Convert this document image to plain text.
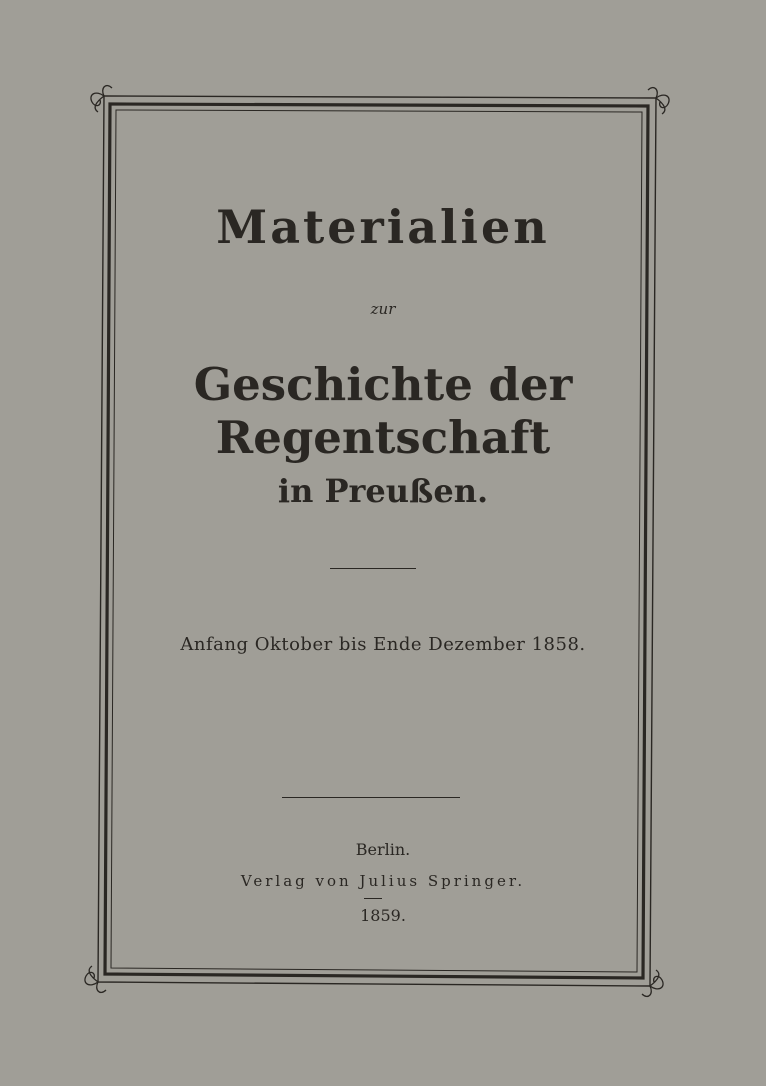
Materialien
zur
Geschichte der Regentschaft
in Preußen.
Anfang Oktober bis Ende Dezember 1858.
Berlin.
Verlag von Julius Springer.
1859.
